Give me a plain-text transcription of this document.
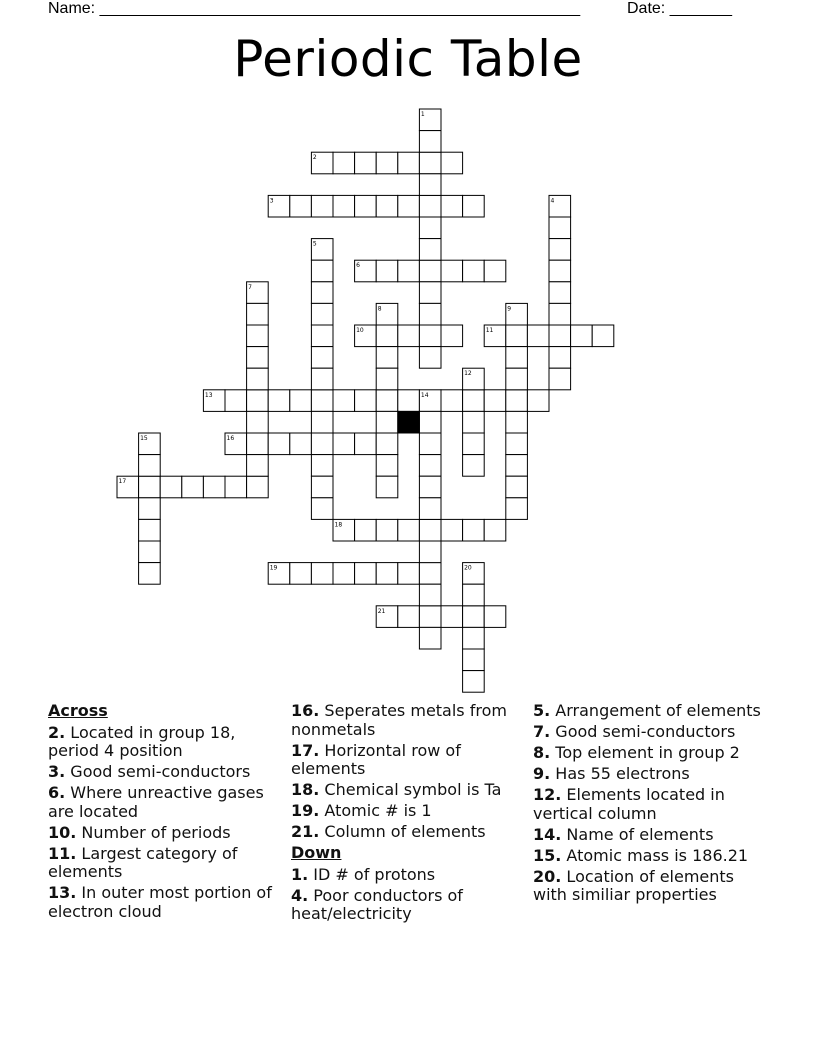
Name: ______________________________________________________	Date: _______
Periodic Table
2
3
6
10	11
13
16
17
18
19
21
1
4
5
7
8	9
12
14
15
20
Across
2. Located in group 18, period 4 position
3. Good semi-conductors
6. Where unreactive gases are located
10. Number of periods
11. Largest category of elements
13. In outer most portion of electron cloud
16. Seperates metals from nonmetals
17. Horizontal row of elements
18. Chemical symbol is Ta
19. Atomic # is 1
21. Column of elements
Down
1. ID # of protons
4. Poor conductors of heat/electricity
5. Arrangement of elements
7. Good semi-conductors
8. Top element in group 2
9. Has 55 electrons
12. Elements located in vertical column
14. Name of elements
15. Atomic mass is 186.21
20. Location of elements with similiar properties
